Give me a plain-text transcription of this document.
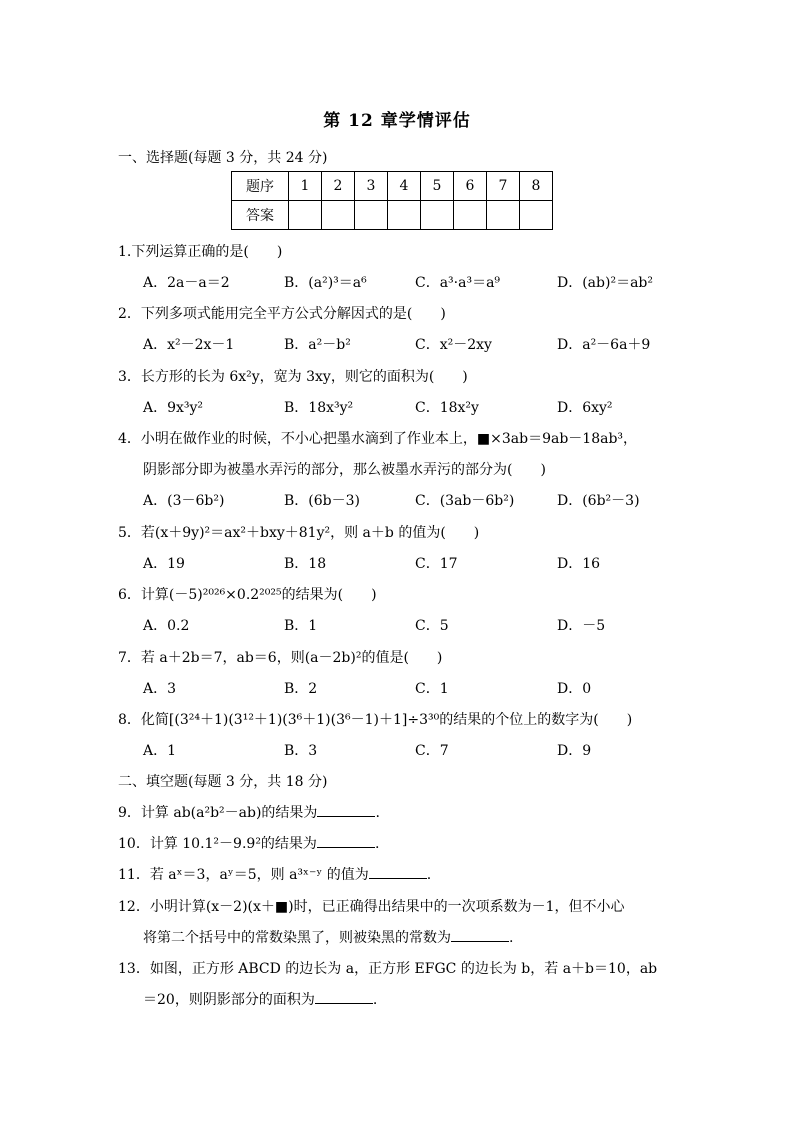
第 12 章学情评估
一、选择题(每题 3 分，共 24 分)
题序	1	2	3	4	5	6	7	8
答案								
1.下列运算正确的是(　　)
A．2a－a＝2	B．(a²)³＝a⁶	C．a³·a³＝a⁹	D．(ab)²＝ab²
2．下列多项式能用完全平方公式分解因式的是(　　)
A．x²－2x－1	B．a²－b²	C．x²－2xy	D．a²－6a＋9
3．长方形的长为 6x²y，宽为 3xy，则它的面积为(　　)
A．9x³y²	B．18x³y²	C．18x²y	D．6xy²
4．小明在做作业的时候，不小心把墨水滴到了作业本上，■×3ab＝9ab－18ab³，
阴影部分即为被墨水弄污的部分，那么被墨水弄污的部分为(　　)
A．(3－6b²)	B．(6b－3)	C．(3ab－6b²)	D．(6b²－3)
5．若(x＋9y)²＝ax²＋bxy＋81y²，则 a＋b 的值为(　　)
A．19	B．18	C．17	D．16
6．计算(－5)²⁰²⁶×0.2²⁰²⁵的结果为(　　)
A．0.2	B．1	C．5	D．－5
7．若 a＋2b＝7，ab＝6，则(a－2b)²的值是(　　)
A．3	B．2	C．1	D．0
8．化简[(3²⁴＋1)(3¹²＋1)(3⁶＋1)(3⁶－1)＋1]÷3³⁰的结果的个位上的数字为(　　)
A．1	B．3	C．7	D．9
二、填空题(每题 3 分，共 18 分)
9．计算 ab(a²b²－ab)的结果为	.
10．计算 10.1²－9.9²的结果为	.
11．若 aˣ＝3，aʸ＝5，则 a³ˣ⁻ʸ 的值为	.
12．小明计算(x－2)(x＋■)时，已正确得出结果中的一次项系数为－1，但不小心
将第二个括号中的常数染黑了，则被染黑的常数为	.
13．如图，正方形 ABCD 的边长为 a，正方形 EFGC 的边长为 b，若 a＋b＝10，ab
＝20，则阴影部分的面积为	.
